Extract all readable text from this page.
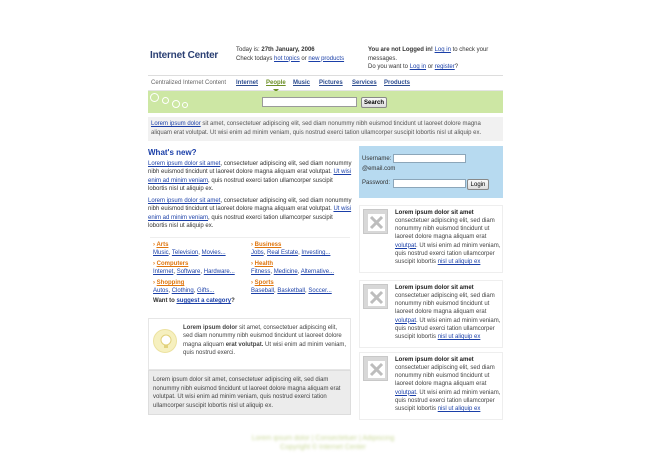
Internet Center	Today is: 27th January, 2006
Check todays hot topics or new products
You are not Logged in! Log in to check your messages.
Do you want to Log in or register?
Centralized Internet Content Internet People Music Pictures Services Products
Search
Lorem ipsum dolor sit amet, consectetuer adipiscing elit, sed diam nonummy nibh euismod tincidunt ut laoreet dolore magna aliquam erat volutpat. Ut wisi enim ad minim veniam, quis nostrud exerci tation ullamcorper suscipit lobortis nisl ut aliquip ex.
What's new?
Lorem ipsum dolor sit amet, consectetuer adipiscing elit, sed diam nonummy nibh euismod tincidunt ut laoreet dolore magna aliquam erat volutpat. Ut wisi enim ad minim veniam, quis nostrud exerci tation ullamcorper suscipit lobortis nisl ut aliquip ex.
Lorem ipsum dolor sit amet, consectetuer adipiscing elit, sed diam nonummy nibh euismod tincidunt ut laoreet dolore magna aliquam erat volutpat. Ut wisi enim ad minim veniam, quis nostrud exerci tation ullamcorper suscipit lobortis nisl ut aliquip ex.
› Arts
Music, Television, Movies...
› Business
Jobs, Real Estate, Investing...
› Computers
Internet, Software, Hardware...
› Health
Fitness, Medicine, Alternative...
› Shopping
Autos, Clothing, Gifts...
› Sports
Baseball, Basketball, Soccer...
Want to suggest a category?
Lorem ipsum dolor sit amet, consectetuer adipiscing elit, sed diam nonummy nibh euismod tincidunt ut laoreet dolore magna aliquam erat volutpat. Ut wisi enim ad minim veniam, quis nostrud exerci.
Lorem ipsum dolor sit amet, consectetuer adipiscing elit, sed diam nonummy nibh euismod tincidunt ut laoreet dolore magna aliquam erat volutpat. Ut wisi enim ad minim veniam, quis nostrud exerci tation ullamcorper suscipit lobortis nisl ut aliquip ex.
Username:
@email.com
Password:	Login
Lorem ipsum dolor sit amet
consectetuer adipiscing elit, sed diam nonummy nibh euismod tincidunt ut laoreet dolore magna aliquam erat volutpat. Ut wisi enim ad minim veniam, quis nostrud exerci tation ullamcorper suscipit lobortis nisl ut aliquip ex
Lorem ipsum dolor sit amet
consectetuer adipiscing elit, sed diam nonummy nibh euismod tincidunt ut laoreet dolore magna aliquam erat volutpat. Ut wisi enim ad minim veniam, quis nostrud exerci tation ullamcorper suscipit lobortis nisl ut aliquip ex
Lorem ipsum dolor sit amet
consectetuer adipiscing elit, sed diam nonummy nibh euismod tincidunt ut laoreet dolore magna aliquam erat volutpat. Ut wisi enim ad minim veniam, quis nostrud exerci tation ullamcorper suscipit lobortis nisl ut aliquip ex
Lorem ipsum dolor | Consectetuer | Adipiscing
Copyright © Internet Center
